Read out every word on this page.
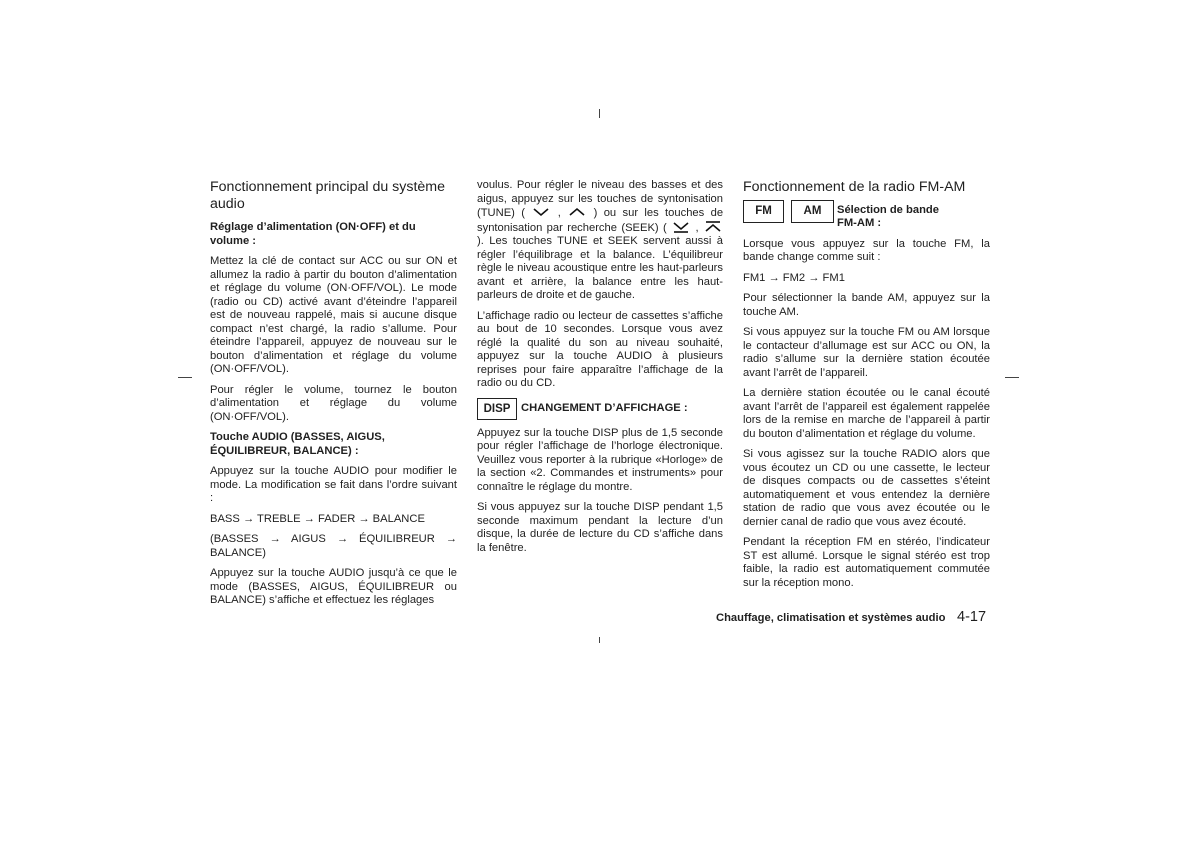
Fonctionnement principal du système audio
Réglage d’alimentation (ON·OFF) et du volume :

Mettez la clé de contact sur ACC ou sur ON et allumez la radio à partir du bouton d’alimentation et réglage du volume (ON·OFF/VOL). Le mode (radio ou CD) activé avant d’éteindre l’appareil est de nouveau rappelé, mais si aucune disque compact n’est chargé, la radio s’allume. Pour éteindre l’appareil, appuyez de nouveau sur le bouton d’alimentation et réglage du volume (ON·OFF/VOL).

Pour régler le volume, tournez le bouton d’alimentation et réglage du volume (ON·OFF/VOL).

Touche AUDIO (BASSES, AIGUS, ÉQUILIBREUR, BALANCE) :

Appuyez sur la touche AUDIO pour modifier le mode. La modification se fait dans l’ordre suivant :

BASS → TREBLE → FADER → BALANCE

(BASSES → AIGUS → ÉQUILIBREUR → BALANCE)

Appuyez sur la touche AUDIO jusqu’à ce que le mode (BASSES, AIGUS, ÉQUILIBREUR ou BALANCE) s’affiche et effectuez les réglages

voulus. Pour régler le niveau des basses et des aigus, appuyez sur les touches de syntonisation (TUNE) (	,	) ou sur les touches de syntonisation par recherche (SEEK) (	,
). Les touches TUNE et SEEK servent aussi à régler l’équilibrage et la balance. L’équilibreur règle le niveau acoustique entre les haut-parleurs avant et arrière, la balance entre les haut-parleurs de droite et de gauche.

L’affichage radio ou lecteur de cassettes s’affiche au bout de 10 secondes. Lorsque vous avez réglé la qualité du son au niveau souhaité, appuyez sur la touche AUDIO à plusieurs reprises pour faire apparaître l’affichage de la radio ou du CD.

DISP CHANGEMENT D’AFFICHAGE :

Appuyez sur la touche DISP plus de 1,5 seconde pour régler l’affichage de l’horloge électronique. Veuillez vous reporter à la rubrique «Horloge» de la section «2. Commandes et instruments» pour connaître le réglage du montre.

Si vous appuyez sur la touche DISP pendant 1,5 seconde maximum pendant la lecture d’un disque, la durée de lecture du CD s’affiche dans la fenêtre.

Fonctionnement de la radio FM-AM
FM	AM	Sélection de bande FM-AM :

Lorsque vous appuyez sur la touche FM, la bande change comme suit :

FM1 → FM2 → FM1

Pour sélectionner la bande AM, appuyez sur la touche AM.

Si vous appuyez sur la touche FM ou AM lorsque le contacteur d’allumage est sur ACC ou ON, la radio s’allume sur la dernière station écoutée avant l’arrêt de l’appareil.

La dernière station écoutée ou le canal écouté avant l’arrêt de l’appareil est également rappelée lors de la remise en marche de l’appareil à partir du bouton d’alimentation et réglage du volume.

Si vous agissez sur la touche RADIO alors que vous écoutez un CD ou une cassette, le lecteur de disques compacts ou de cassettes s’éteint automatiquement et vous entendez la dernière station de radio que vous avez écoutée ou le dernier canal de radio que vous avez écouté.

Pendant la réception FM en stéréo, l’indicateur ST est allumé. Lorsque le signal stéréo est trop faible, la radio est automatiquement commutée sur la réception mono.

Chauffage, climatisation et systèmes audio 4-17
